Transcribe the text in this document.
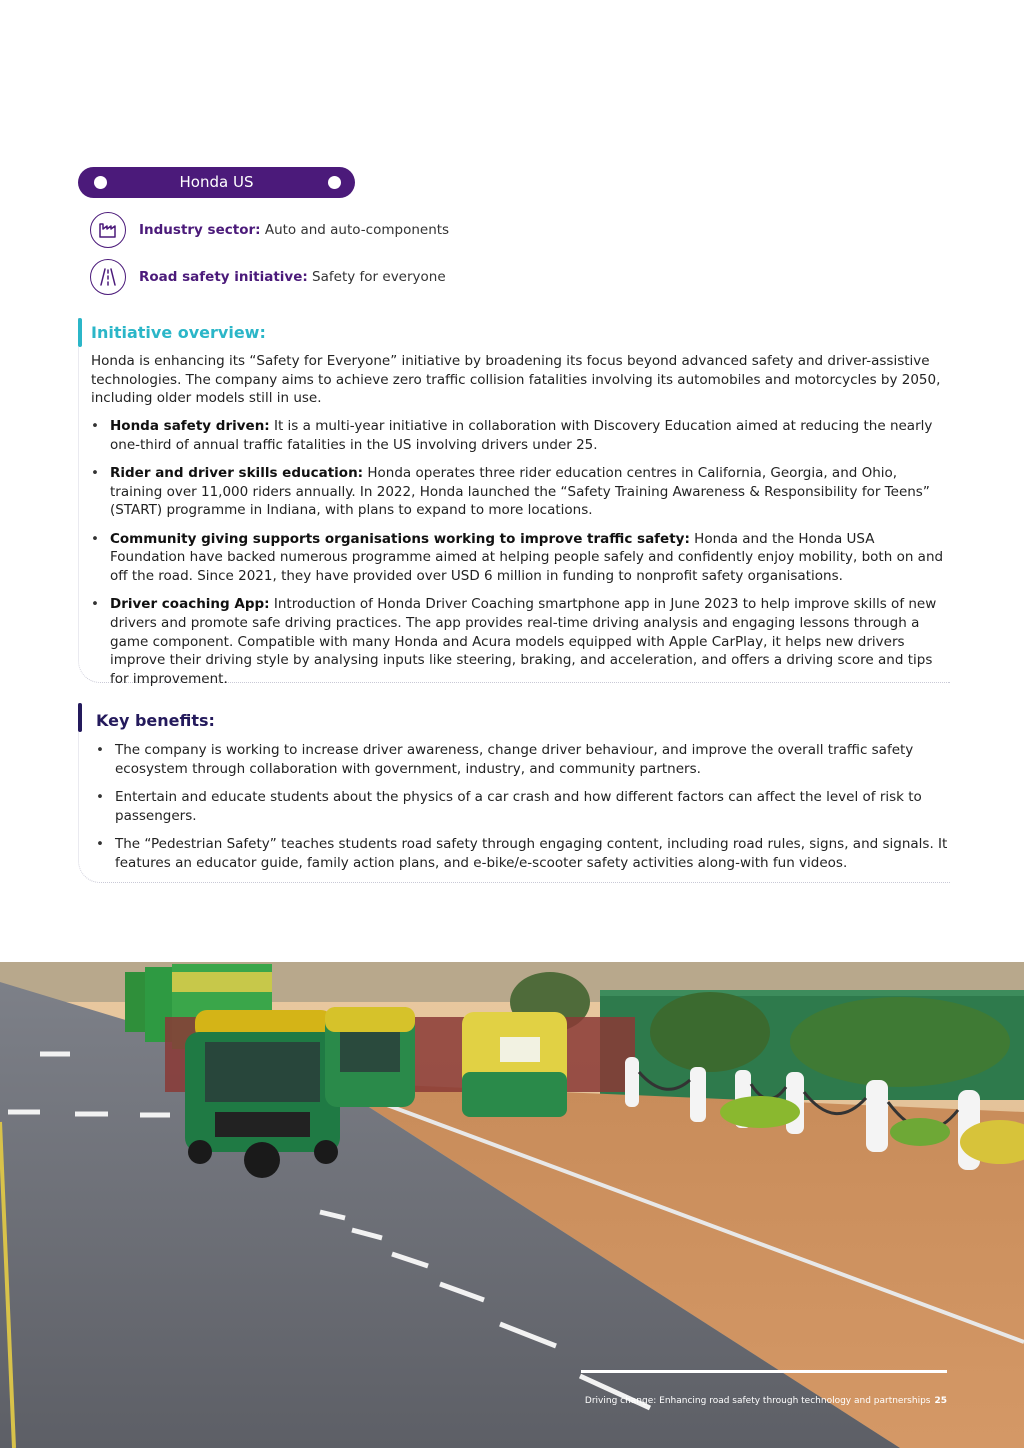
Honda US
Industry sector: Auto and auto-components
Road safety initiative: Safety for everyone
Initiative overview:

Honda is enhancing its “Safety for Everyone” initiative by broadening its focus beyond advanced safety and driver-assistive technologies. The company aims to achieve zero traffic collision fatalities involving its automobiles and motorcycles by 2050, including older models still in use.

• Honda safety driven: It is a multi-year initiative in collaboration with Discovery Education aimed at reducing the nearly one-third of annual traffic fatalities in the US involving drivers under 25.
• Rider and driver skills education: Honda operates three rider education centres in California, Georgia, and Ohio, training over 11,000 riders annually. In 2022, Honda launched the “Safety Training Awareness & Responsibility for Teens” (START) programme in Indiana, with plans to expand to more locations.
• Community giving supports organisations working to improve traffic safety: Honda and the Honda USA Foundation have backed numerous programme aimed at helping people safely and confidently enjoy mobility, both on and off the road. Since 2021, they have provided over USD 6 million in funding to nonprofit safety organisations.
• Driver coaching App: Introduction of Honda Driver Coaching smartphone app in June 2023 to help improve skills of new drivers and promote safe driving practices. The app provides real-time driving analysis and engaging lessons through a game component. Compatible with many Honda and Acura models equipped with Apple CarPlay, it helps new drivers improve their driving style by analysing inputs like steering, braking, and acceleration, and offers a driving score and tips for improvement.
Key benefits:
• The company is working to increase driver awareness, change driver behaviour, and improve the overall traffic safety ecosystem through collaboration with government, industry, and community partners.
• Entertain and educate students about the physics of a car crash and how different factors can affect the level of risk to passengers.
• The “Pedestrian Safety” teaches students road safety through engaging content, including road rules, signs, and signals. It features an educator guide, family action plans, and e-bike/e-scooter safety activities along-with fun videos.
Driving change: Enhancing road safety through technology and partnerships 25
